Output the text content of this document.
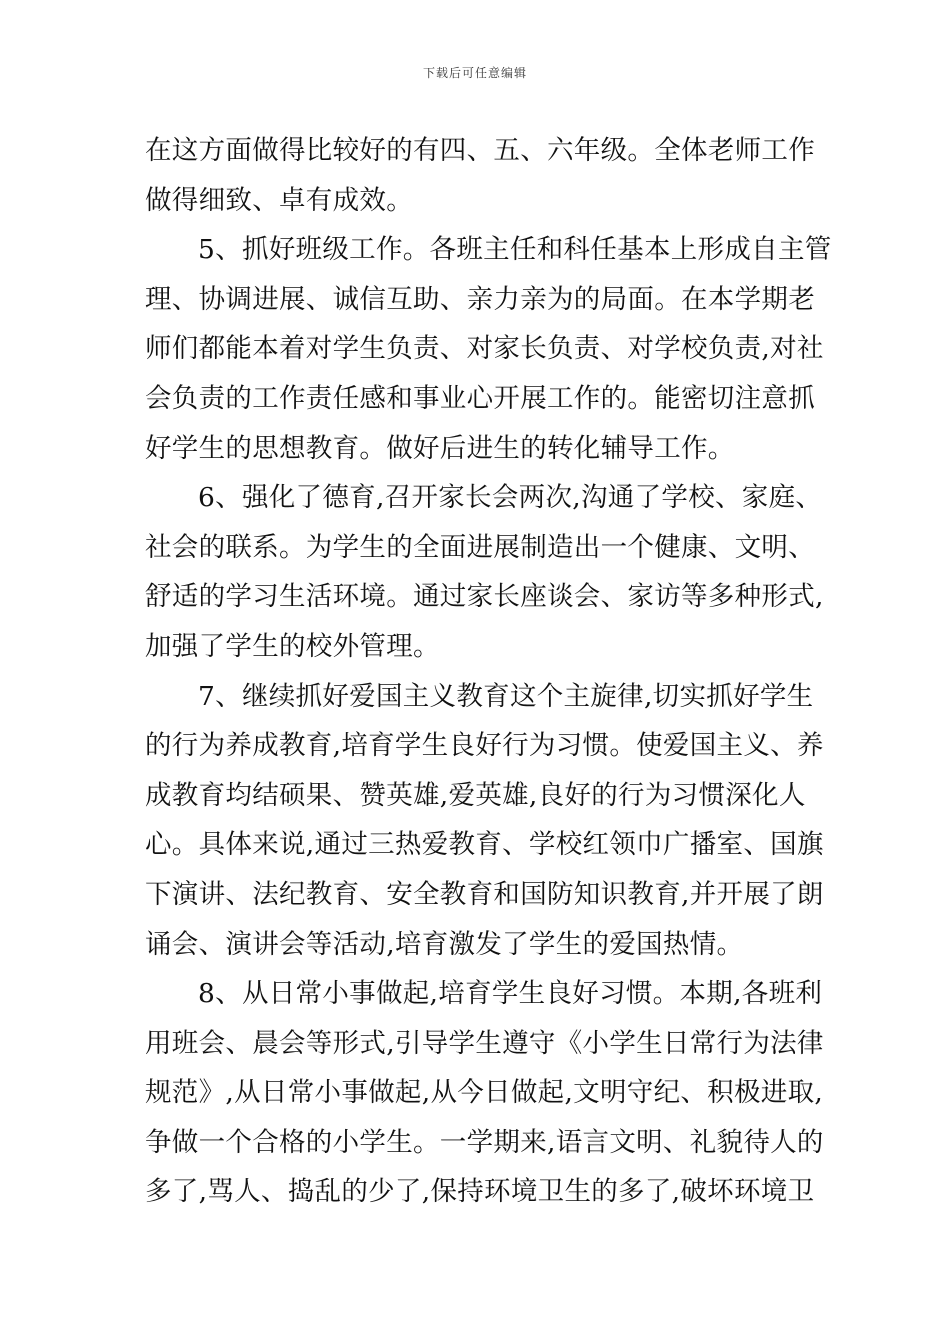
下载后可任意编辑
在这方面做得比较好的有四、五、六年级。全体老师工作
做得细致、卓有成效。
5、抓好班级工作。各班主任和科任基本上形成自主管
理、协调进展、诚信互助、亲力亲为的局面。在本学期老
师们都能本着对学生负责、对家长负责、对学校负责,对社
会负责的工作责任感和事业心开展工作的。能密切注意抓
好学生的思想教育。做好后进生的转化辅导工作。
6、强化了德育,召开家长会两次,沟通了学校、家庭、
社会的联系。为学生的全面进展制造出一个健康、文明、
舒适的学习生活环境。通过家长座谈会、家访等多种形式,
加强了学生的校外管理。
7、继续抓好爱国主义教育这个主旋律,切实抓好学生
的行为养成教育,培育学生良好行为习惯。使爱国主义、养
成教育均结硕果、赞英雄,爱英雄,良好的行为习惯深化人
心。具体来说,通过三热爱教育、学校红领巾广播室、国旗
下演讲、法纪教育、安全教育和国防知识教育,并开展了朗
诵会、演讲会等活动,培育激发了学生的爱国热情。
8、从日常小事做起,培育学生良好习惯。本期,各班利
用班会、晨会等形式,引导学生遵守《小学生日常行为法律
规范》,从日常小事做起,从今日做起,文明守纪、积极进取,
争做一个合格的小学生。一学期来,语言文明、礼貌待人的
多了,骂人、捣乱的少了,保持环境卫生的多了,破坏环境卫
